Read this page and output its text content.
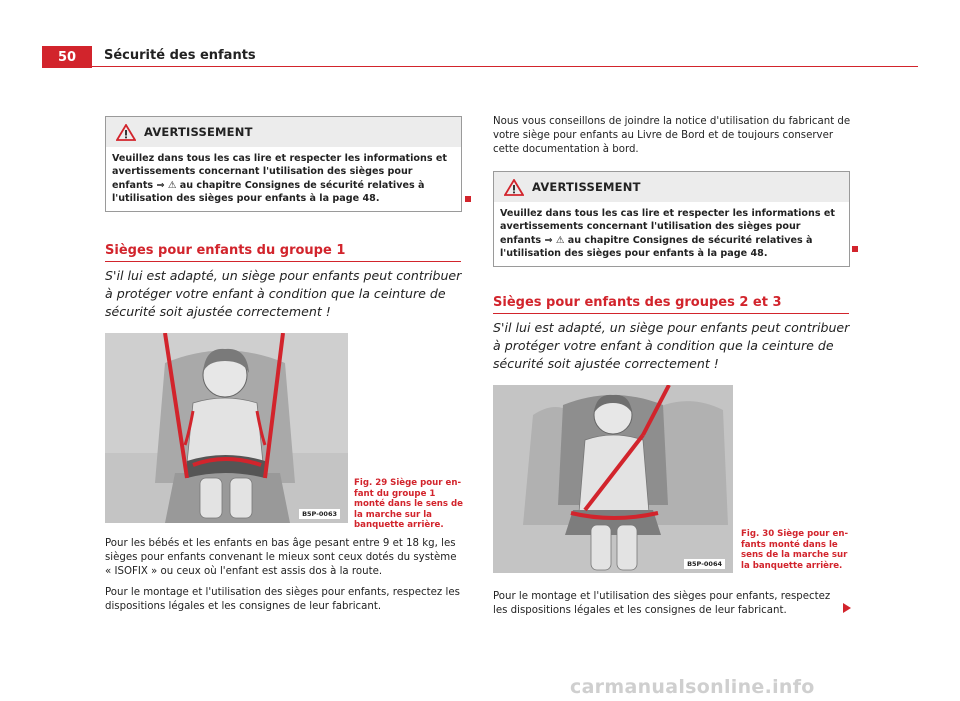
50	Sécurité des enfants
AVERTISSEMENT
Veuillez dans tous les cas lire et respecter les informations et avertissements concernant l'utilisation des sièges pour enfants ⇒ ⚠ au chapitre Consignes de sécurité relatives à l'utilisation des sièges pour enfants à la page 48.
Sièges pour enfants du groupe 1
S'il lui est adapté, un siège pour enfants peut contribuer à protéger votre enfant à condition que la ceinture de sécurité soit ajustée correctement !
B5P-0063
Fig. 29 Siège pour enfant du groupe 1 monté dans le sens de la marche sur la banquette arrière.
Pour les bébés et les enfants en bas âge pesant entre 9 et 18 kg, les sièges pour enfants convenant le mieux sont ceux dotés du système « ISOFIX » ou ceux où l'enfant est assis dos à la route.
Pour le montage et l'utilisation des sièges pour enfants, respectez les dispositions légales et les consignes de leur fabricant.
Nous vous conseillons de joindre la notice d'utilisation du fabricant de votre siège pour enfants au Livre de Bord et de toujours conserver cette documentation à bord.
AVERTISSEMENT
Veuillez dans tous les cas lire et respecter les informations et avertissements concernant l'utilisation des sièges pour enfants ⇒ ⚠ au chapitre Consignes de sécurité relatives à l'utilisation des sièges pour enfants à la page 48.
Sièges pour enfants des groupes 2 et 3
S'il lui est adapté, un siège pour enfants peut contribuer à protéger votre enfant à condition que la ceinture de sécurité soit ajustée correctement !
B5P-0064
Fig. 30 Siège pour enfants monté dans le sens de la marche sur la banquette arrière.
Pour le montage et l'utilisation des sièges pour enfants, respectez les dispositions légales et les consignes de leur fabricant.
carmanualsonline.info
